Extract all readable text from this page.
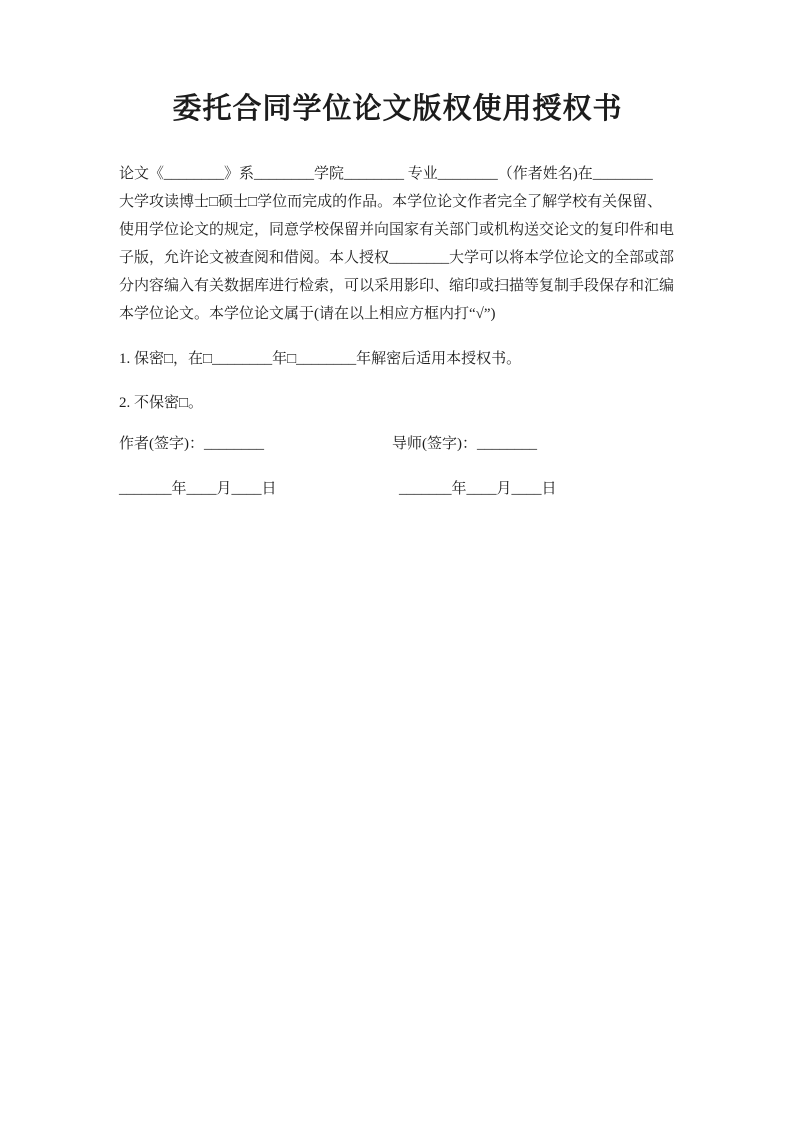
委托合同学位论文版权使用授权书
论文《________》系________学院________ 专业________（作者姓名)在________
大学攻读博士□硕士□学位而完成的作品。本学位论文作者完全了解学校有关保留、
使用学位论文的规定，同意学校保留并向国家有关部门或机构送交论文的复印件和电
子版，允许论文被查阅和借阅。本人授权________大学可以将本学位论文的全部或部
分内容编入有关数据库进行检索，可以采用影印、缩印或扫描等复制手段保存和汇编
本学位论文。本学位论文属于(请在以上相应方框内打“√”)
1. 保密□，在□________年□________年解密后适用本授权书。
2. 不保密□。
作者(签字)：________	导师(签字)：________
_______年____月____日	_______年____月____日
